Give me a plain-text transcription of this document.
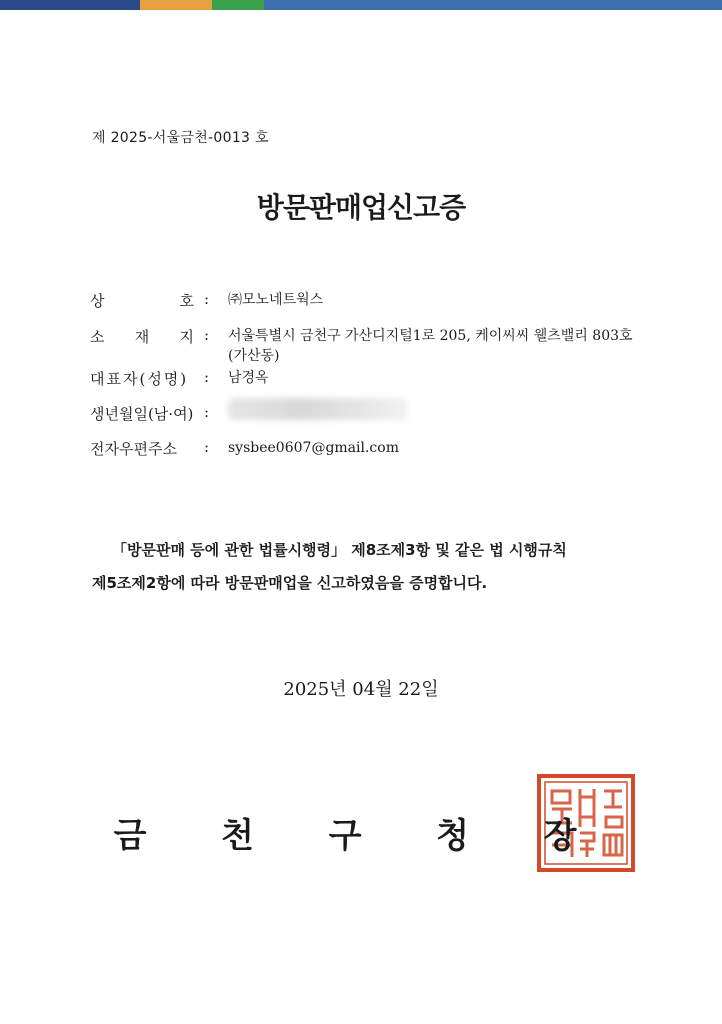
제 2025-서울금천-0013 호
방문판매업신고증
상	호 : ㈜모노네트웍스
소 재 지 : 서울특별시 금천구 가산디지털1로 205, 케이씨씨 웰츠밸리 803호 (가산동)
대표자(성명)	: 남경옥
생년월일(남·여) :
전자우편주소	: sysbee0607@gmail.com

「방문판매 등에 관한 법률시행령」 제8조제3항 및 같은 법 시행규칙

제5조제2항에 따라 방문판매업을 신고하였음을 증명합니다.

2025년 04월 22일
금	천	구	청	장
